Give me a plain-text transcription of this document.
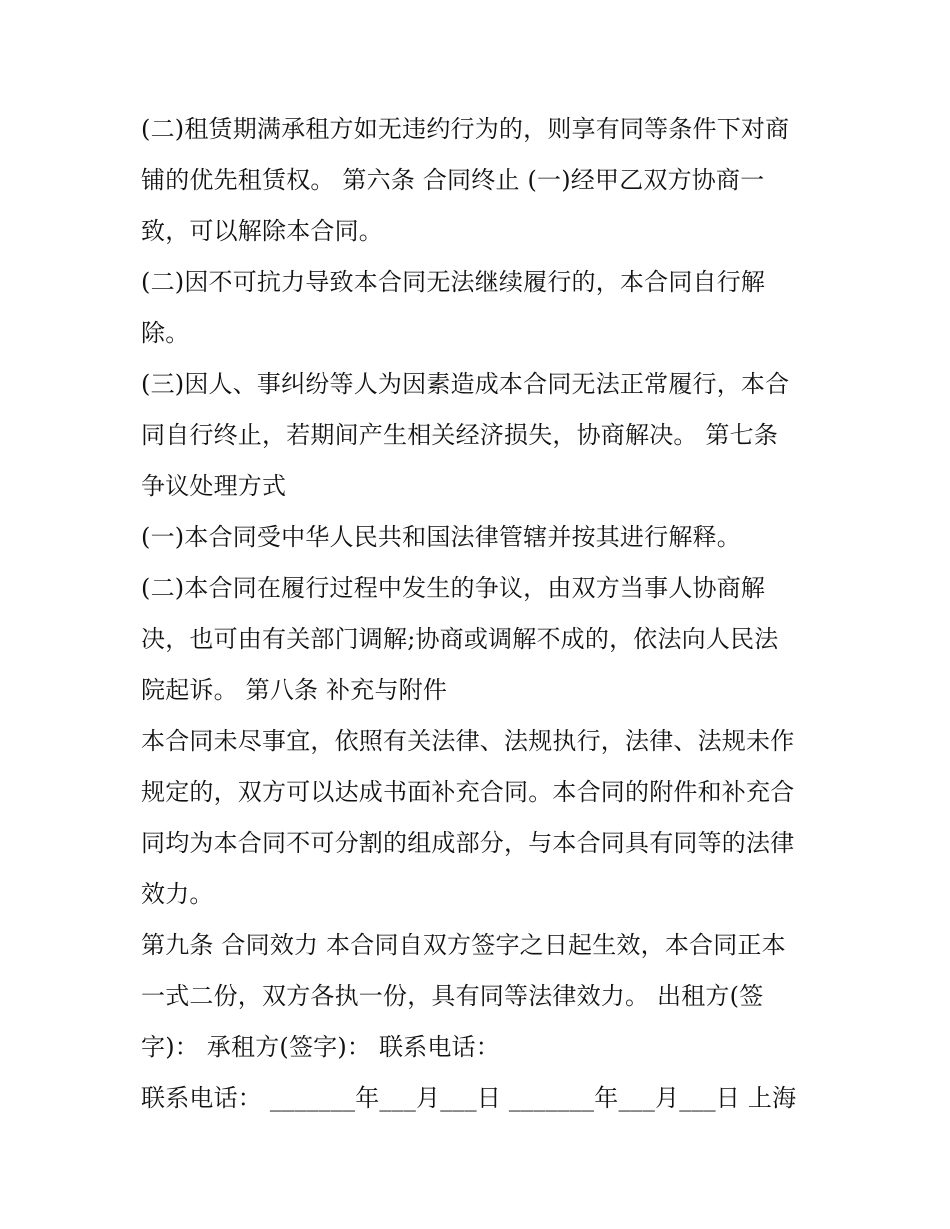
(二)租赁期满承租方如无违约行为的，则享有同等条件下对商
铺的优先租赁权。 第六条 合同终止 (一)经甲乙双方协商一
致，可以解除本合同。
(二)因不可抗力导致本合同无法继续履行的，本合同自行解
除。
(三)因人、事纠纷等人为因素造成本合同无法正常履行，本合
同自行终止，若期间产生相关经济损失，协商解决。 第七条
争议处理方式
(一)本合同受中华人民共和国法律管辖并按其进行解释。
(二)本合同在履行过程中发生的争议，由双方当事人协商解
决，也可由有关部门调解;协商或调解不成的，依法向人民法
院起诉。 第八条 补充与附件
本合同未尽事宜，依照有关法律、法规执行，法律、法规未作
规定的，双方可以达成书面补充合同。本合同的附件和补充合
同均为本合同不可分割的组成部分，与本合同具有同等的法律
效力。
第九条 合同效力 本合同自双方签字之日起生效，本合同正本
一式二份，双方各执一份，具有同等法律效力。 出租方(签
字)： 承租方(签字)： 联系电话：
联系电话： _______年___月___日 _______年___月___日 上海
